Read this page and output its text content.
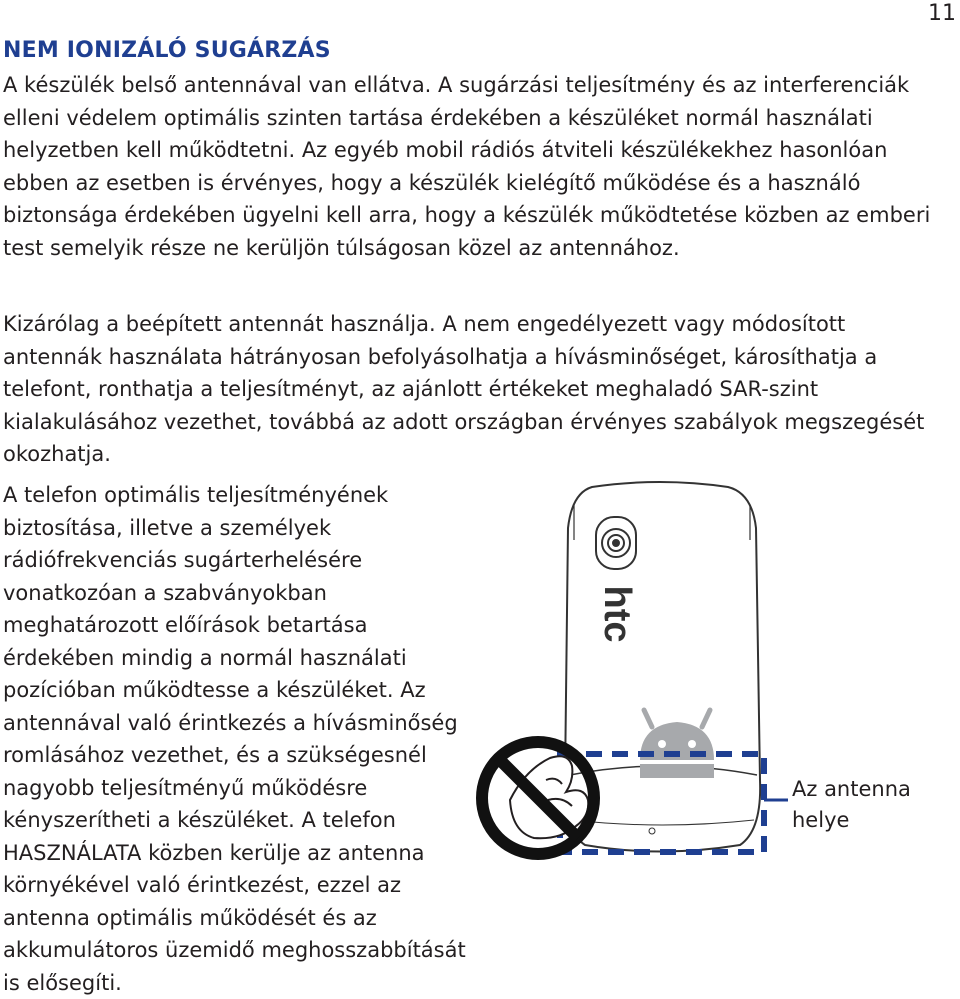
11
NEM IONIZÁLÓ SUGÁRZÁS

A készülék belső antennával van ellátva. A sugárzási teljesítmény és az interferenciák elleni védelem optimális szinten tartása érdekében a készüléket normál használati helyzetben kell működtetni. Az egyéb mobil rádiós átviteli készülékekhez hasonlóan ebben az esetben is érvényes, hogy a készülék kielégítő működése és a használó biztonsága érdekében ügyelni kell arra, hogy a készülék működtetése közben az emberi test semelyik része ne kerüljön túlságosan közel az antennához.

Kizárólag a beépített antennát használja. A nem engedélyezett vagy módosított antennák használata hátrányosan befolyásolhatja a hívásminőséget, károsíthatja a telefont, ronthatja a teljesítményt, az ajánlott értékeket meghaladó SAR-szint kialakulásához vezethet, továbbá az adott országban érvényes szabályok megszegését okozhatja.

A telefon optimális teljesítményének biztosítása, illetve a személyek rádiófrekvenciás sugárterhelésére vonatkozóan a szabványokban meghatározott előírások betartása érdekében mindig a normál használati pozícióban működtesse a készüléket. Az antennával való érintkezés a hívásminőség romlásához vezethet, és a szükségesnél nagyobb teljesítményű működésre kényszerítheti a készüléket. A telefon HASZNÁLATA közben kerülje az antenna környékével való érintkezést, ezzel az antenna optimális működését és az akkumulátoros üzemidő meghosszabbítását is elősegíti.

htc
Az antenna
helye
